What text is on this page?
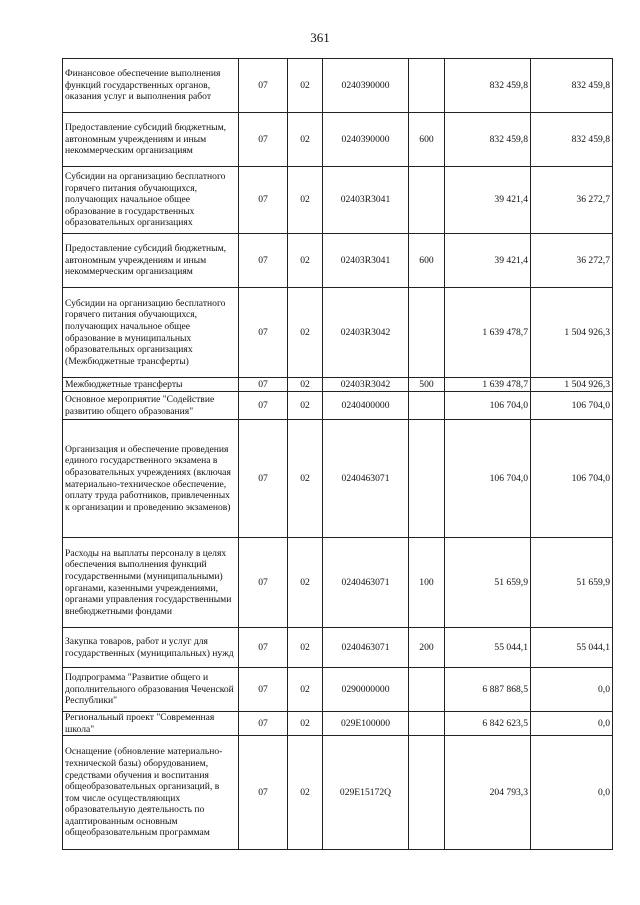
361
Финансовое обеспечение выполнения функций государственных органов, оказания услуг и выполнения работ	07	02	0240390000		832 459,8	832 459,8
Предоставление субсидий бюджетным, автономным учреждениям и иным некоммерческим организациям	07	02	0240390000	600	832 459,8	832 459,8
Субсидии на организацию бесплатного горячего питания обучающихся, получающих начальное общее образование в государственных образовательных организациях	07	02	02403R3041		39 421,4	36 272,7
Предоставление субсидий бюджетным, автономным учреждениям и иным некоммерческим организациям	07	02	02403R3041	600	39 421,4	36 272,7
Субсидии на организацию бесплатного горячего питания обучающихся, получающих начальное общее образование в муниципальных образовательных организациях (Межбюджетные трансферты)	07	02	02403R3042		1 639 478,7	1 504 926,3
Межбюджетные трансферты	07	02	02403R3042	500	1 639 478,7	1 504 926,3
Основное мероприятие "Содействие развитию общего образования"	07	02	0240400000		106 704,0	106 704,0
Организация и обеспечение проведения единого государственного экзамена в образовательных учреждениях (включая материально-техническое обеспечение, оплату труда работников, привлеченных к организации и проведению экзаменов)	07	02	0240463071		106 704,0	106 704,0
Расходы на выплаты персоналу в целях обеспечения выполнения функций государственными (муниципальными) органами, казенными учреждениями, органами управления государственными внебюджетными фондами	07	02	0240463071	100	51 659,9	51 659,9
Закупка товаров, работ и услуг для государственных (муниципальных) нужд	07	02	0240463071	200	55 044,1	55 044,1
Подпрограмма "Развитие общего и дополнительного образования Чеченской Республики"	07	02	0290000000		6 887 868,5	0,0
Региональный проект "Современная школа"	07	02	029E100000		6 842 623,5	0,0
Оснащение (обновление материально-технической базы) оборудованием, средствами обучения и воспитания общеобразовательных организаций, в том числе осуществляющих образовательную деятельность по адаптированным основным общеобразовательным программам	07	02	029E15172Q		204 793,3	0,0
